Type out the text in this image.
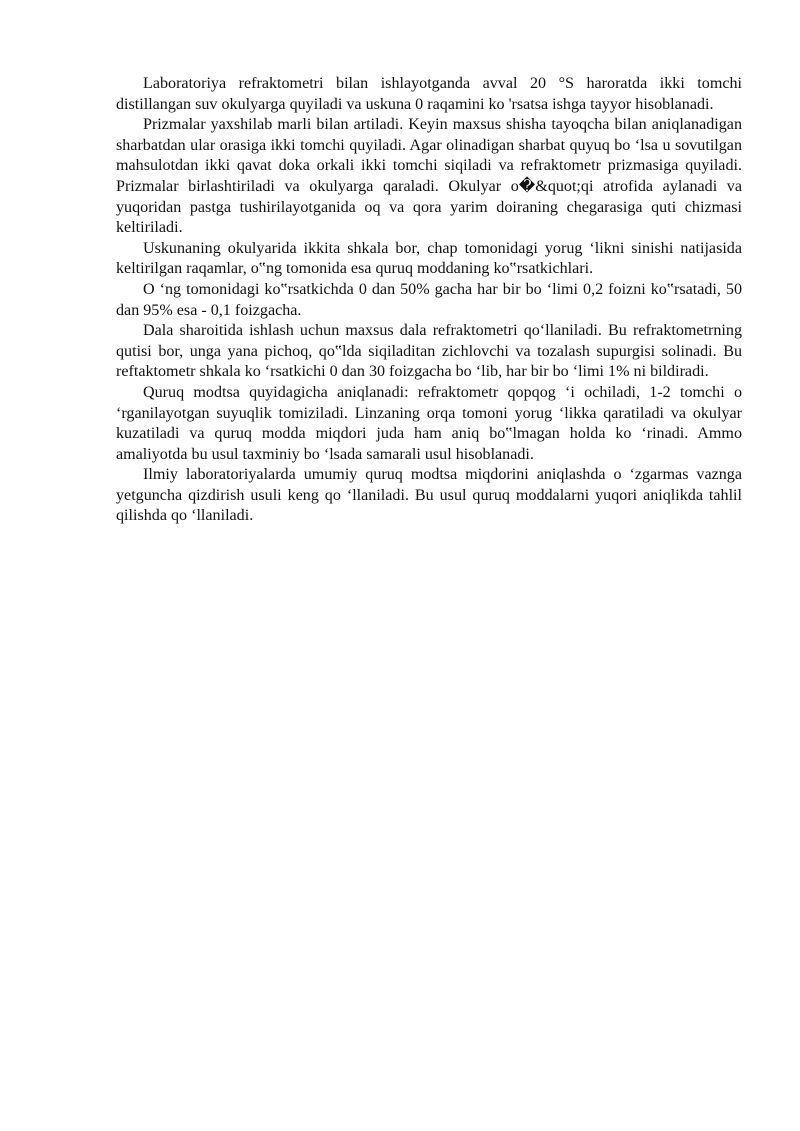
Laboratoriya refraktometri bilan ishlayotganda avval 20 °S haroratda ikki tomchi distillangan suv okulyarga quyiladi va uskuna 0 raqamini ko 'rsatsa ishga tayyor hisoblanadi.

Prizmalar yaxshilab marli bilan artiladi. Keyin maxsus shisha tayoqcha bilan aniqlanadigan sharbatdan ular orasiga ikki tomchi quyiladi. Agar olinadigan sharbat quyuq bo ‘lsa u sovutilgan mahsulotdan ikki qavat doka orkali ikki tomchi siqiladi va refraktometr prizmasiga quyiladi. Prizmalar birlashtiriladi va okulyarga qaraladi. Okulyar o�&quot;qi atrofida aylanadi va yuqoridan pastga tushirilayotganida oq va qora yarim doiraning chegarasiga quti chizmasi keltiriladi.

Uskunaning okulyarida ikkita shkala bor, chap tomonidagi yorug ‘likni sinishi natijasida keltirilgan raqamlar, o‟ng tomonida esa quruq moddaning ko‟rsatkichlari.

O ‘ng tomonidagi ko‟rsatkichda 0 dan 50% gacha har bir bo ‘limi 0,2 foizni ko‟rsatadi, 50 dan 95% esa - 0,1 foizgacha.

Dala sharoitida ishlash uchun maxsus dala refraktometri qo‘llaniladi. Bu refraktometrning qutisi bor, unga yana pichoq, qo‟lda siqiladitan zichlovchi va tozalash supurgisi solinadi. Bu reftaktometr shkala ko ‘rsatkichi 0 dan 30 foizgacha bo ‘lib, har bir bo ‘limi 1% ni bildiradi.

Quruq modtsa quyidagicha aniqlanadi: refraktometr qopqog ‘i ochiladi, 1-2 tomchi o ‘rganilayotgan suyuqlik tomiziladi. Linzaning orqa tomoni yorug ‘likka qaratiladi va okulyar kuzatiladi va quruq modda miqdori juda ham aniq bo‟lmagan holda ko ‘rinadi. Ammo amaliyotda bu usul taxminiy bo ‘lsada samarali usul hisoblanadi.

Ilmiy laboratoriyalarda umumiy quruq modtsa miqdorini aniqlashda o ‘zgarmas vaznga yetguncha qizdirish usuli keng qo ‘llaniladi. Bu usul quruq moddalarni yuqori aniqlikda tahlil qilishda qo ‘llaniladi.
